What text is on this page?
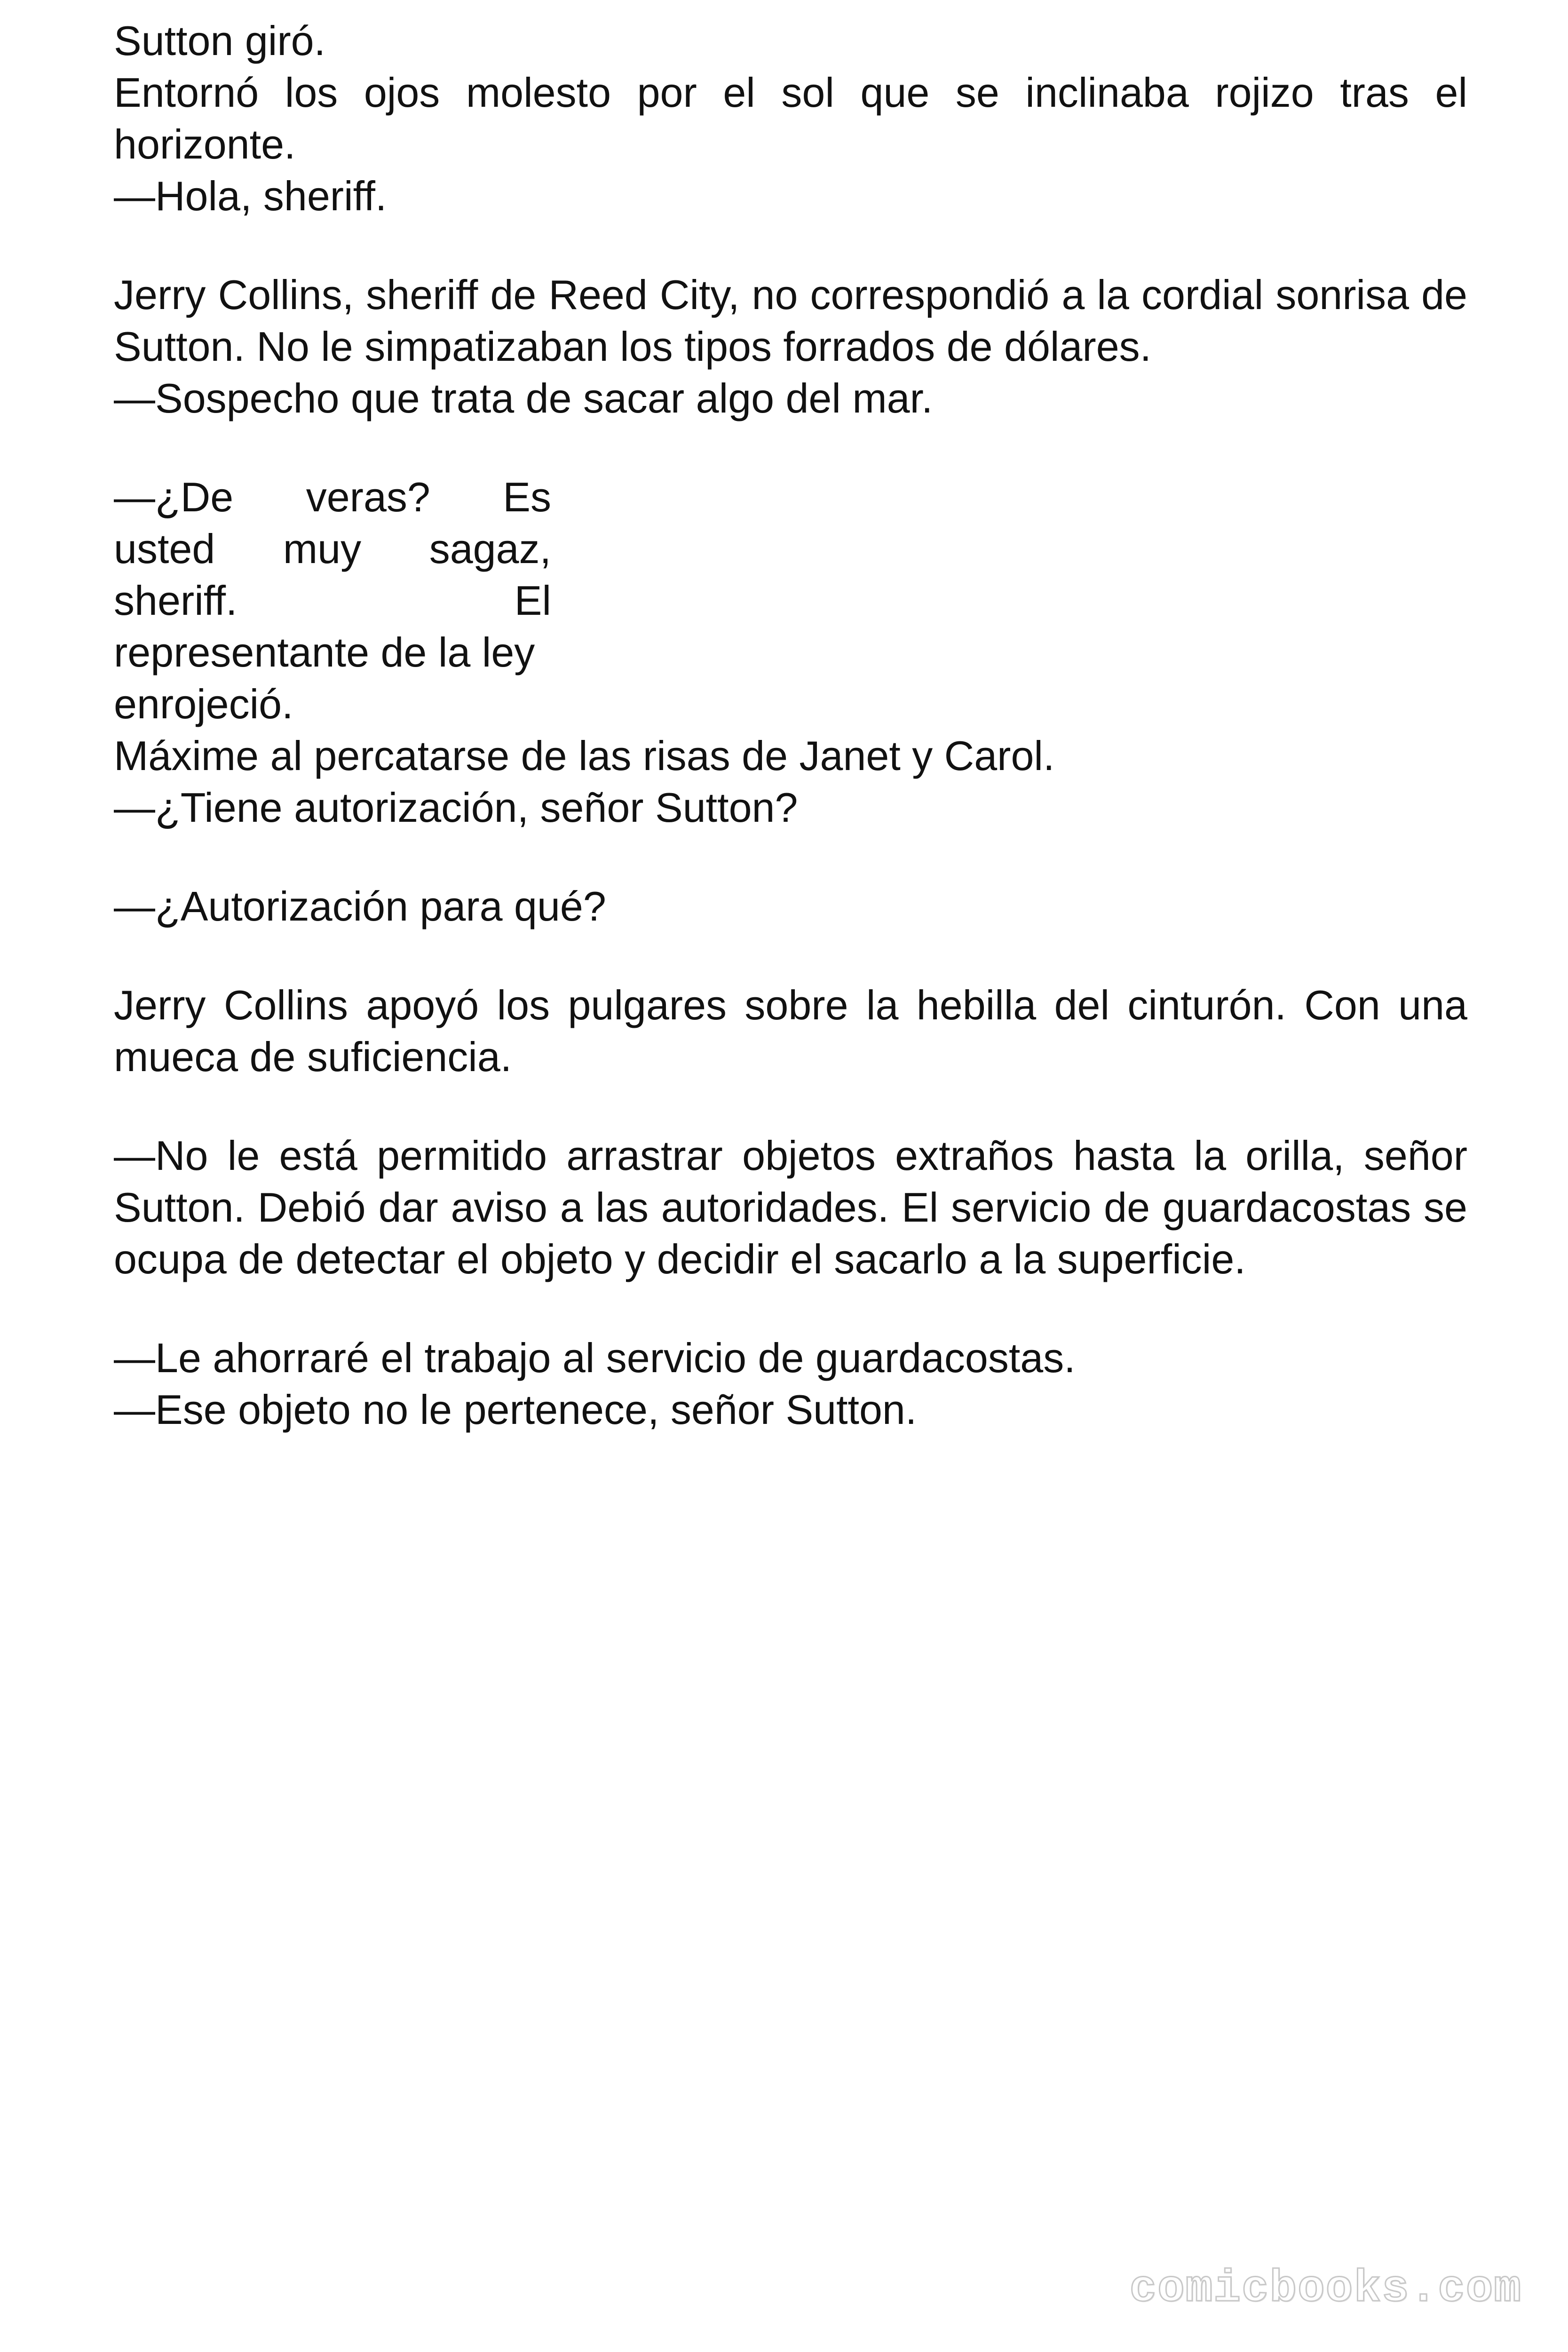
Sutton giró.

Entornó los ojos molesto por el sol que se inclinaba rojizo tras el horizonte.

—Hola, sheriff.

Jerry Collins, sheriff de Reed City, no correspondió a la cordial sonrisa de Sutton. No le simpatizaban los tipos forrados de dólares.

—Sospecho que trata de sacar algo del mar.

—¿De veras? Es
usted muy sagaz,
sheriff. El
representante de la ley
enrojeció.

Máxime al percatarse de las risas de Janet y Carol.

—¿Tiene autorización, señor Sutton?

—¿Autorización para qué?

Jerry Collins apoyó los pulgares sobre la hebilla del cinturón. Con una mueca de suficiencia.

—No le está permitido arrastrar objetos extraños hasta la orilla, señor Sutton. Debió dar aviso a las autoridades. El servicio de guardacostas se ocupa de detectar el objeto y decidir el sacarlo a la superficie.

—Le ahorraré el trabajo al servicio de guardacostas.

—Ese objeto no le pertenece, señor Sutton.

comicbooks.com
